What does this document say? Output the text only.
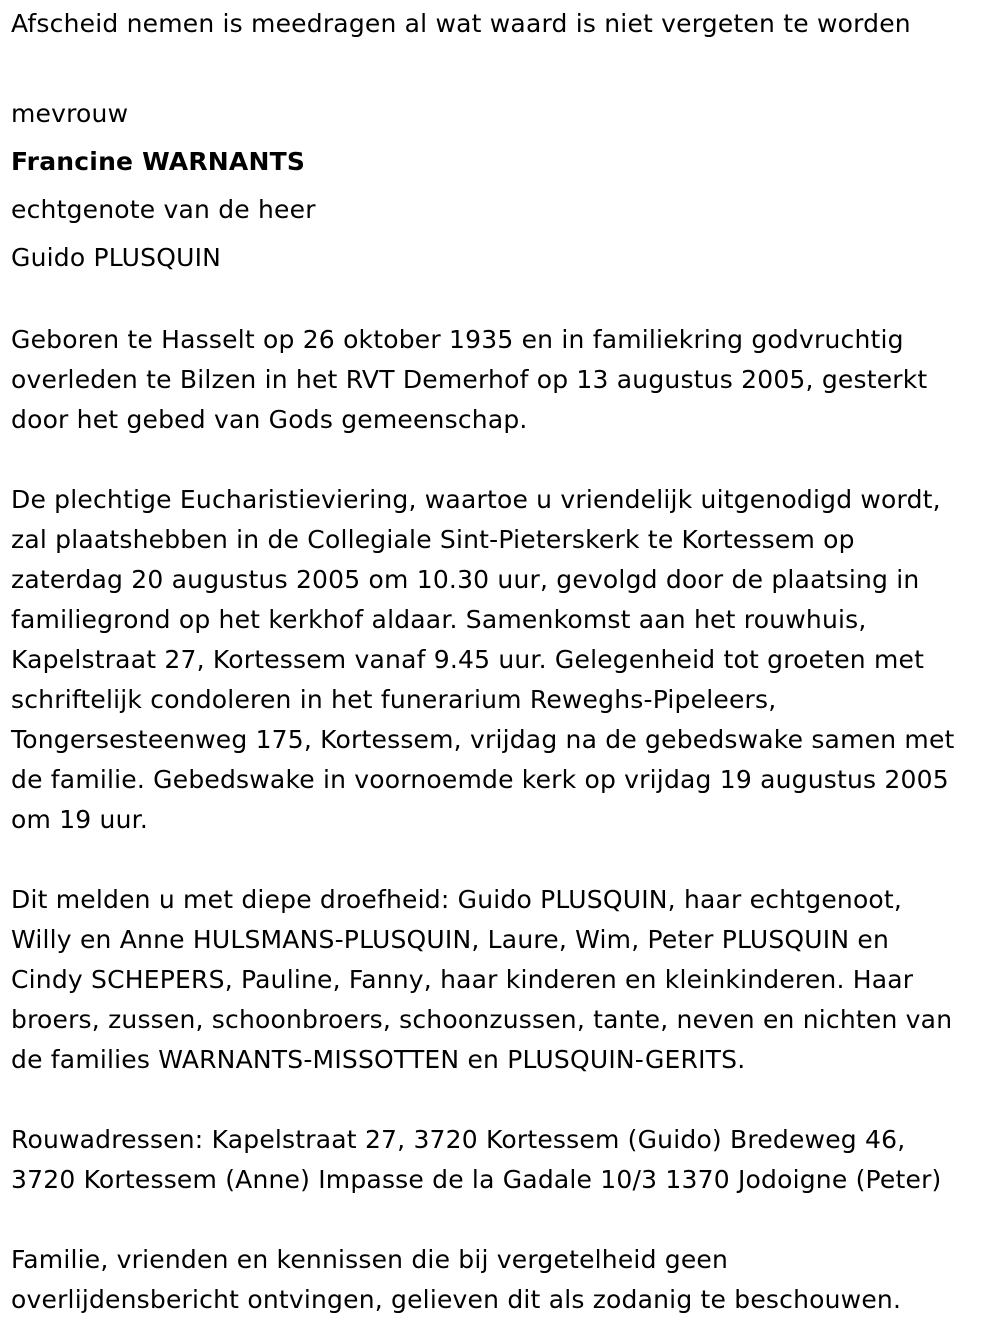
Afscheid nemen is meedragen al wat waard is niet vergeten te worden

mevrouw

Francine WARNANTS

echtgenote van de heer

Guido PLUSQUIN

Geboren te Hasselt op 26 oktober 1935 en in familiekring godvruchtig

overleden te Bilzen in het RVT Demerhof op 13 augustus 2005, gesterkt

door het gebed van Gods gemeenschap.

De plechtige Eucharistieviering, waartoe u vriendelijk uitgenodigd wordt,

zal plaatshebben in de Collegiale Sint-Pieterskerk te Kortessem op

zaterdag 20 augustus 2005 om 10.30 uur, gevolgd door de plaatsing in

familiegrond op het kerkhof aldaar. Samenkomst aan het rouwhuis,

Kapelstraat 27, Kortessem vanaf 9.45 uur. Gelegenheid tot groeten met

schriftelijk condoleren in het funerarium Reweghs-Pipeleers,

Tongersesteenweg 175, Kortessem, vrijdag na de gebedswake samen met

de familie. Gebedswake in voornoemde kerk op vrijdag 19 augustus 2005

om 19 uur.

Dit melden u met diepe droefheid: Guido PLUSQUIN, haar echtgenoot,

Willy en Anne HULSMANS-PLUSQUIN, Laure, Wim, Peter PLUSQUIN en

Cindy SCHEPERS, Pauline, Fanny, haar kinderen en kleinkinderen. Haar

broers, zussen, schoonbroers, schoonzussen, tante, neven en nichten van

de families WARNANTS-MISSOTTEN en PLUSQUIN-GERITS.

Rouwadressen: Kapelstraat 27, 3720 Kortessem (Guido) Bredeweg 46,

3720 Kortessem (Anne) Impasse de la Gadale 10/3 1370 Jodoigne (Peter)

Familie, vrienden en kennissen die bij vergetelheid geen

overlijdensbericht ontvingen, gelieven dit als zodanig te beschouwen.
